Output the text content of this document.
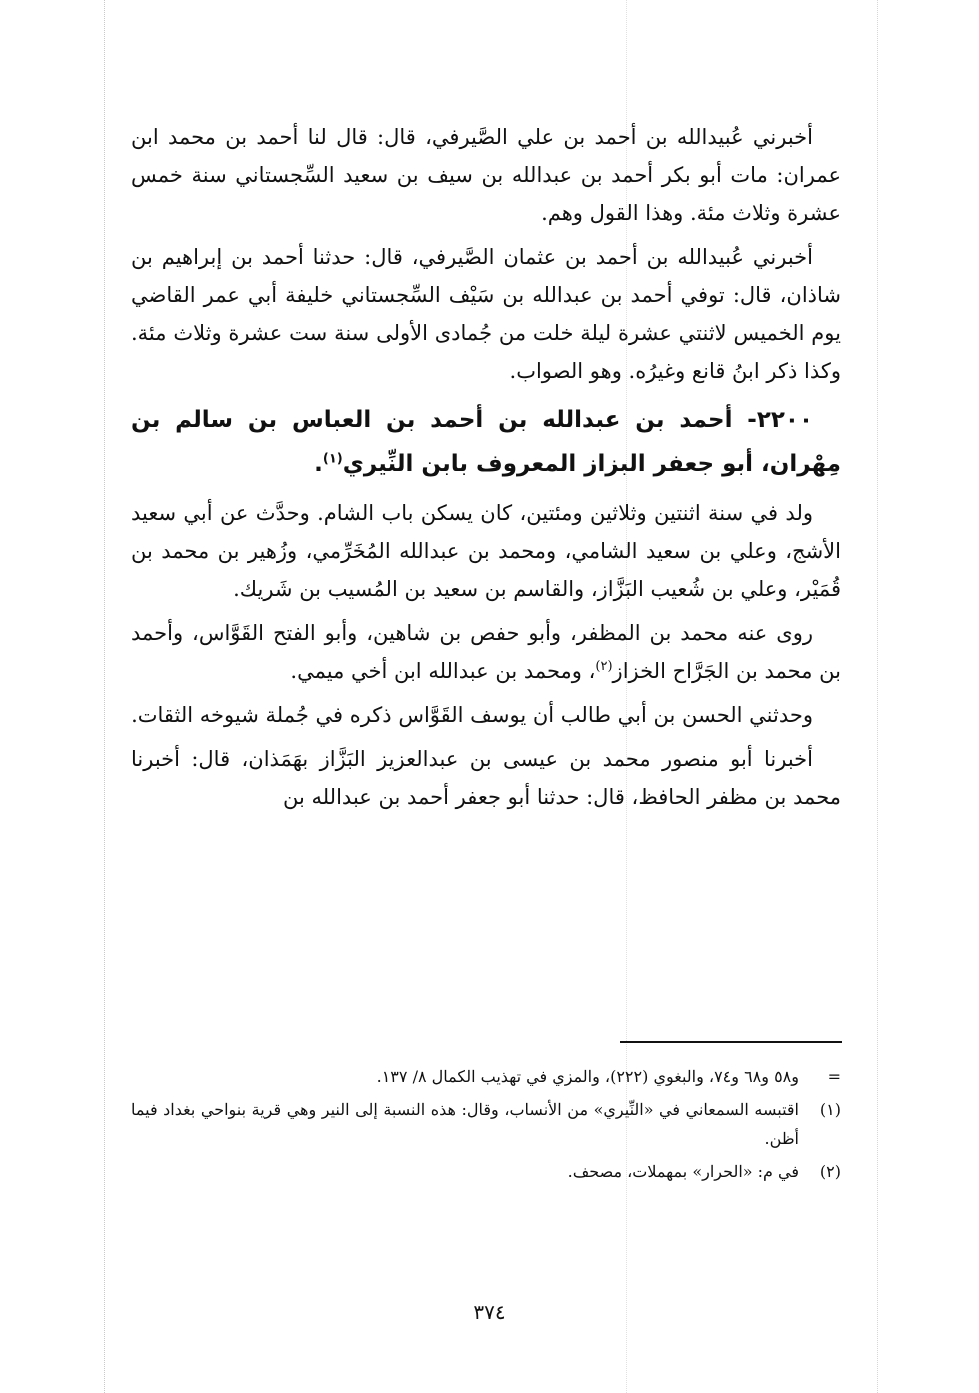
أخبرني عُبيدالله بن أحمد بن علي الصَّيرفي، قال: قال لنا أحمد بن محمد ابن عمران: مات أبو بكر أحمد بن عبدالله بن سيف بن سعيد السِّجستاني سنة خمس عشرة وثلاث مئة. وهذا القول وهم.

أخبرني عُبيدالله بن أحمد بن عثمان الصَّيرفي، قال: حدثنا أحمد بن إبراهيم بن شاذان، قال: توفي أحمد بن عبدالله بن سَيْف السِّجستاني خليفة أبي عمر القاضي يوم الخميس لاثنتي عشرة ليلة خلت من جُمادى الأولى سنة ست عشرة وثلاث مئة. وكذا ذكر ابنُ قانع وغيرُه. وهو الصواب.

٢٢٠٠- أحمد بن عبدالله بن أحمد بن العباس بن سالم بن مِهْران، أبو جعفر البزاز المعروف بابن النِّيري$^{(١)}$.

ولد في سنة اثنتين وثلاثين ومئتين، كان يسكن باب الشام. وحدَّث عن أبي سعيد الأشج، وعلي بن سعيد الشامي، ومحمد بن عبدالله المُخَرِّمي، وزُهير بن محمد بن قُمَيْر، وعلي بن شُعيب البَزَّاز، والقاسم بن سعيد بن المُسيب بن شَريك.

روى عنه محمد بن المظفر، وأبو حفص بن شاهين، وأبو الفتح القَوَّاس، وأحمد بن محمد بن الجَرَّاح الخزاز$^{(٢)}$، ومحمد بن عبدالله ابن أخي ميمي.

وحدثني الحسن بن أبي طالب أن يوسف القَوَّاس ذكره في جُملة شيوخه الثقات.

أخبرنا أبو منصور محمد بن عيسى بن عبدالعزيز البَزَّاز بهَمَذان، قال: أخبرنا محمد بن مظفر الحافظ، قال: حدثنا أبو جعفر أحمد بن عبدالله بن

=
و٥٨ و٦٨ و٧٤، والبغوي (٢٢٢)، والمزي في تهذيب الكمال ٨/ ١٣٧.
(١)
اقتبسه السمعاني في «النِّيري» من الأنساب، وقال: هذه النسبة إلى النير وهي قرية بنواحي بغداد فيما أظن.
(٢)
في م: «الحرار» بمهملات، مصحف.
٣٧٤
